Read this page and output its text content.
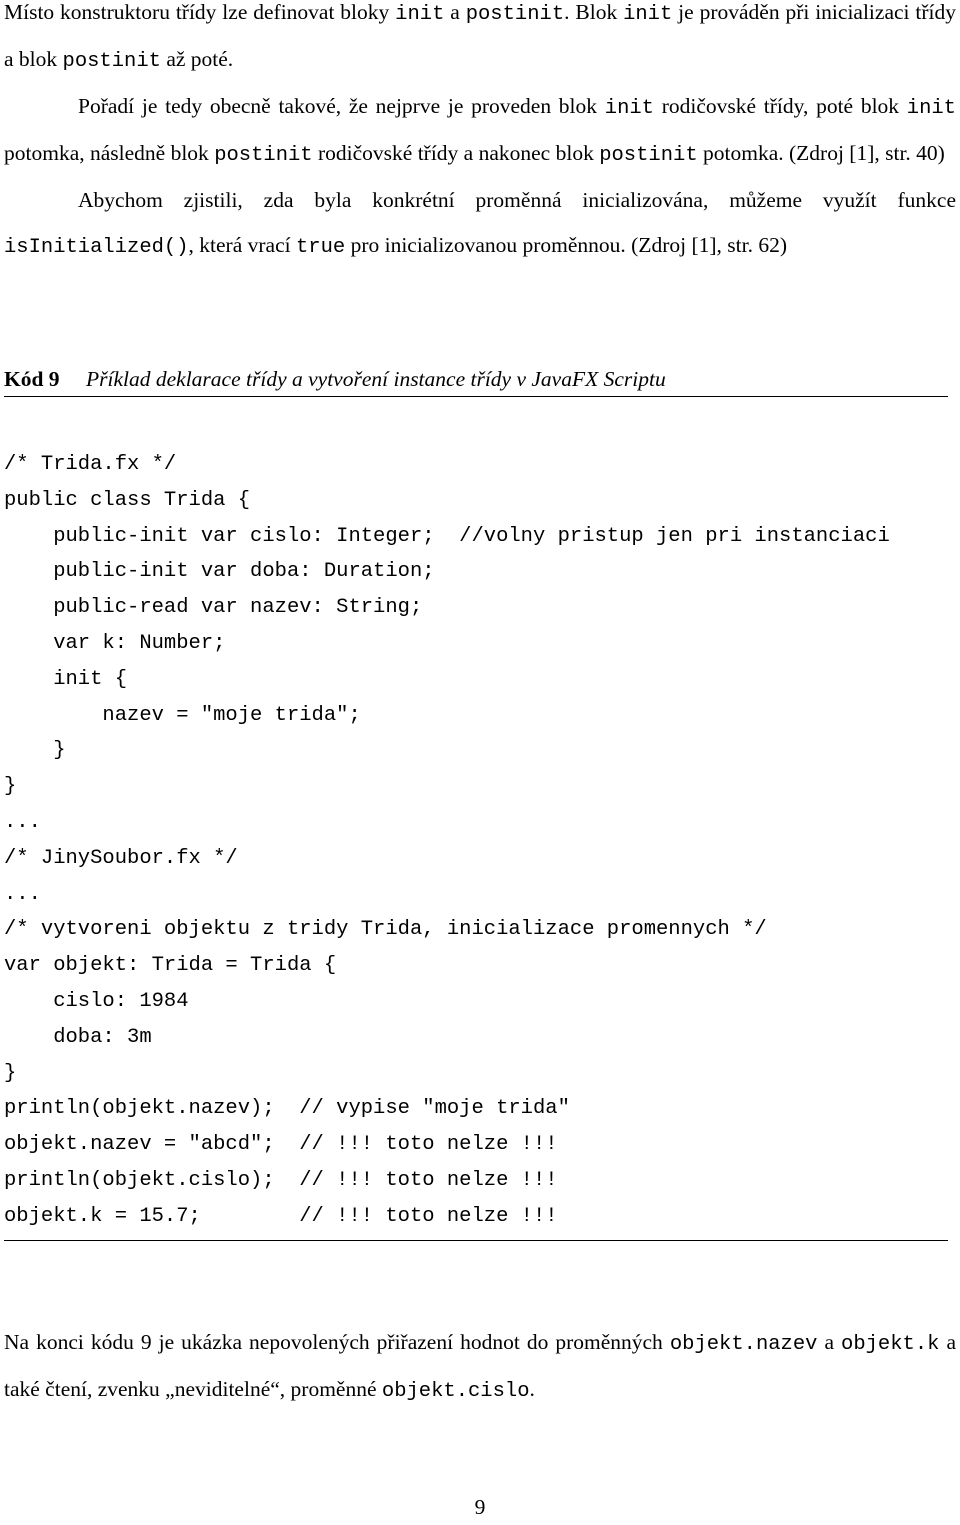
Místo konstruktoru třídy lze definovat bloky init a postinit. Blok init je prováděn při inicializaci třídy a blok postinit až poté.

Pořadí je tedy obecně takové, že nejprve je proveden blok init rodičovské třídy, poté blok init potomka, následně blok postinit rodičovské třídy a nakonec blok postinit potomka. (Zdroj [1], str. 40)

Abychom zjistili, zda byla konkrétní proměnná inicializována, můžeme využít funkce isInitialized(), která vrací true pro inicializovanou proměnnou. (Zdroj [1], str. 62)

Kód 9 Příklad deklarace třídy a vytvoření instance třídy v JavaFX Scriptu
/* Trida.fx */
public class Trida {
public-init var cislo: Integer;  //volny pristup jen pri instanciaci
public-init var doba: Duration;
public-read var nazev: String;
var k: Number;
init {
nazev = "moje trida";
}
}
...
/* JinySoubor.fx */
...
/* vytvoreni objektu z tridy Trida, inicializace promennych */
var objekt: Trida = Trida {
cislo: 1984
doba: 3m
}
println(objekt.nazev);  // vypise "moje trida"
objekt.nazev = "abcd";  // !!! toto nelze !!!
println(objekt.cislo);  // !!! toto nelze !!!
objekt.k = 15.7;        // !!! toto nelze !!!

Na konci kódu 9 je ukázka nepovolených přiřazení hodnot do proměnných objekt.nazev a objekt.k a také čtení, zvenku „neviditelné“, proměnné objekt.cislo.

9
